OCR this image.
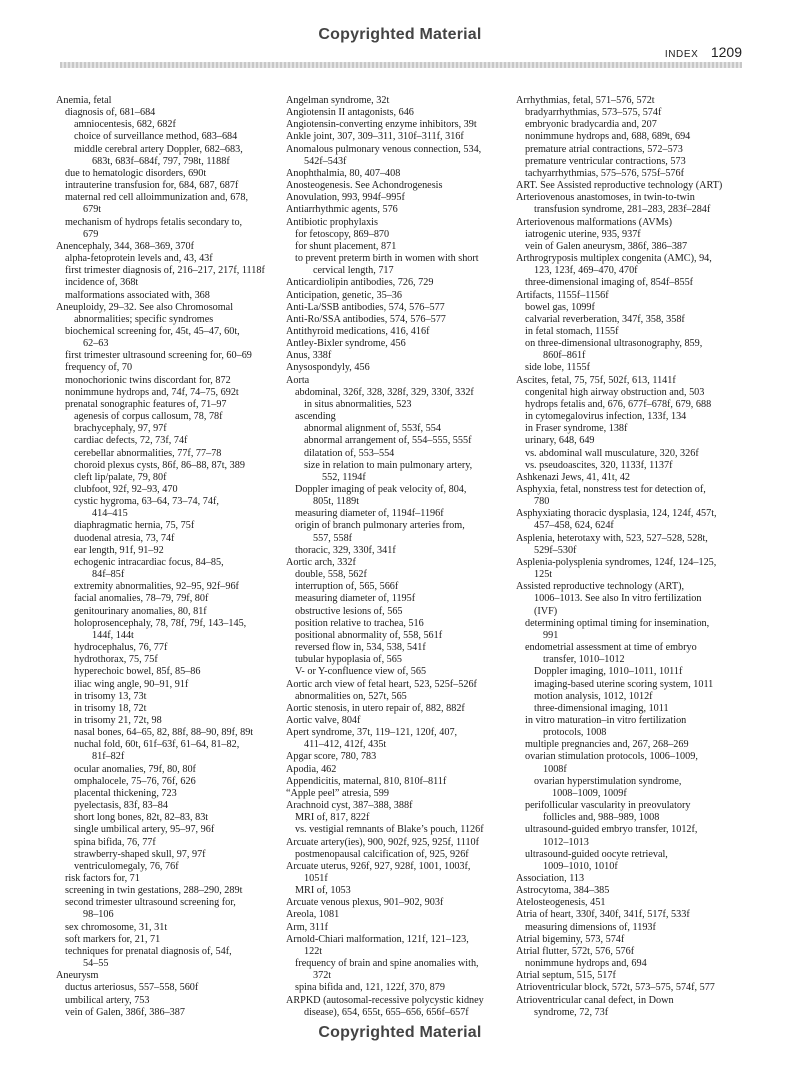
Copyrighted Material
INDEX 1209
Anemia, fetal
diagnosis of, 681–684
amniocentesis, 682, 682f
choice of surveillance method, 683–684
middle cerebral artery Doppler, 682–683,
683t, 683f–684f, 797, 798t, 1188f
due to hematologic disorders, 690t
intrauterine transfusion for, 684, 687, 687f
maternal red cell alloimmunization and, 678,
679t
mechanism of hydrops fetalis secondary to,
679
Anencephaly, 344, 368–369, 370f
alpha-fetoprotein levels and, 43, 43f
first trimester diagnosis of, 216–217, 217f, 1118f
incidence of, 368t
malformations associated with, 368
Aneuploidy, 29–32. See also Chromosomal
abnormalities; specific syndromes
biochemical screening for, 45t, 45–47, 60t,
62–63
first trimester ultrasound screening for, 60–69
frequency of, 70
monochorionic twins discordant for, 872
nonimmune hydrops and, 74f, 74–75, 692t
prenatal sonographic features of, 71–97
agenesis of corpus callosum, 78, 78f
brachycephaly, 97, 97f
cardiac defects, 72, 73f, 74f
cerebellar abnormalities, 77f, 77–78
choroid plexus cysts, 86f, 86–88, 87t, 389
cleft lip/palate, 79, 80f
clubfoot, 92f, 92–93, 470
cystic hygroma, 63–64, 73–74, 74f,
414–415
diaphragmatic hernia, 75, 75f
duodenal atresia, 73, 74f
ear length, 91f, 91–92
echogenic intracardiac focus, 84–85,
84f–85f
extremity abnormalities, 92–95, 92f–96f
facial anomalies, 78–79, 79f, 80f
genitourinary anomalies, 80, 81f
holoprosencephaly, 78, 78f, 79f, 143–145,
144f, 144t
hydrocephalus, 76, 77f
hydrothorax, 75, 75f
hyperechoic bowel, 85f, 85–86
iliac wing angle, 90–91, 91f
in trisomy 13, 73t
in trisomy 18, 72t
in trisomy 21, 72t, 98
nasal bones, 64–65, 82, 88f, 88–90, 89f, 89t
nuchal fold, 60t, 61f–63f, 61–64, 81–82,
81f–82f
ocular anomalies, 79f, 80, 80f
omphalocele, 75–76, 76f, 626
placental thickening, 723
pyelectasis, 83f, 83–84
short long bones, 82t, 82–83, 83t
single umbilical artery, 95–97, 96f
spina bifida, 76, 77f
strawberry-shaped skull, 97, 97f
ventriculomegaly, 76, 76f
risk factors for, 71
screening in twin gestations, 288–290, 289t
second trimester ultrasound screening for,
98–106
sex chromosome, 31, 31t
soft markers for, 21, 71
techniques for prenatal diagnosis of, 54f,
54–55
Aneurysm
ductus arteriosus, 557–558, 560f
umbilical artery, 753
vein of Galen, 386f, 386–387
Angelman syndrome, 32t
Angiotensin II antagonists, 646
Angiotensin-converting enzyme inhibitors, 39t
Ankle joint, 307, 309–311, 310f–311f, 316f
Anomalous pulmonary venous connection, 534,
542f–543f
Anophthalmia, 80, 407–408
Anosteogenesis. See Achondrogenesis
Anovulation, 993, 994f–995f
Antiarrhythmic agents, 576
Antibiotic prophylaxis
for fetoscopy, 869–870
for shunt placement, 871
to prevent preterm birth in women with short
cervical length, 717
Anticardiolipin antibodies, 726, 729
Anticipation, genetic, 35–36
Anti-La/SSB antibodies, 574, 576–577
Anti-Ro/SSA antibodies, 574, 576–577
Antithyroid medications, 416, 416f
Antley-Bixler syndrome, 456
Anus, 338f
Anysospondyly, 456
Aorta
abdominal, 326f, 328, 328f, 329, 330f, 332f
in situs abnormalities, 523
ascending
abnormal alignment of, 553f, 554
abnormal arrangement of, 554–555, 555f
dilatation of, 553–554
size in relation to main pulmonary artery,
552, 1194f
Doppler imaging of peak velocity of, 804,
805t, 1189t
measuring diameter of, 1194f–1196f
origin of branch pulmonary arteries from,
557, 558f
thoracic, 329, 330f, 341f
Aortic arch, 332f
double, 558, 562f
interruption of, 565, 566f
measuring diameter of, 1195f
obstructive lesions of, 565
position relative to trachea, 516
positional abnormality of, 558, 561f
reversed flow in, 534, 538, 541f
tubular hypoplasia of, 565
V- or Y-confluence view of, 565
Aortic arch view of fetal heart, 523, 525f–526f
abnormalities on, 527t, 565
Aortic stenosis, in utero repair of, 882, 882f
Aortic valve, 804f
Apert syndrome, 37t, 119–121, 120f, 407,
411–412, 412f, 435t
Apgar score, 780, 783
Apodia, 462
Appendicitis, maternal, 810, 810f–811f
“Apple peel” atresia, 599
Arachnoid cyst, 387–388, 388f
MRI of, 817, 822f
vs. vestigial remnants of Blake’s pouch, 1126f
Arcuate artery(ies), 900, 902f, 925, 925f, 1110f
postmenopausal calcification of, 925, 926f
Arcuate uterus, 926f, 927, 928f, 1001, 1003f,
1051f
MRI of, 1053
Arcuate venous plexus, 901–902, 903f
Areola, 1081
Arm, 311f
Arnold-Chiari malformation, 121f, 121–123,
122t
frequency of brain and spine anomalies with,
372t
spina bifida and, 121, 122f, 370, 879
ARPKD (autosomal-recessive polycystic kidney
disease), 654, 655t, 655–656, 656f–657f
Arrhythmias, fetal, 571–576, 572t
bradyarrhythmias, 573–575, 574f
embryonic bradycardia and, 207
nonimmune hydrops and, 688, 689t, 694
premature atrial contractions, 572–573
premature ventricular contractions, 573
tachyarrhythmias, 575–576, 575f–576f
ART. See Assisted reproductive technology (ART)
Arteriovenous anastomoses, in twin-to-twin
transfusion syndrome, 281–283, 283f–284f
Arteriovenous malformations (AVMs)
iatrogenic uterine, 935, 937f
vein of Galen aneurysm, 386f, 386–387
Arthrogryposis multiplex congenita (AMC), 94,
123, 123f, 469–470, 470f
three-dimensional imaging of, 854f–855f
Artifacts, 1155f–1156f
bowel gas, 1099f
calvarial reverberation, 347f, 358, 358f
in fetal stomach, 1155f
on three-dimensional ultrasonography, 859,
860f–861f
side lobe, 1155f
Ascites, fetal, 75, 75f, 502f, 613, 1141f
congenital high airway obstruction and, 503
hydrops fetalis and, 676, 677f–678f, 679, 688
in cytomegalovirus infection, 133f, 134
in Fraser syndrome, 138f
urinary, 648, 649
vs. abdominal wall musculature, 320, 326f
vs. pseudoascites, 320, 1133f, 1137f
Ashkenazi Jews, 41, 41t, 42
Asphyxia, fetal, nonstress test for detection of,
780
Asphyxiating thoracic dysplasia, 124, 124f, 457t,
457–458, 624, 624f
Asplenia, heterotaxy with, 523, 527–528, 528t,
529f–530f
Asplenia-polysplenia syndromes, 124f, 124–125,
125t
Assisted reproductive technology (ART),
1006–1013. See also In vitro fertilization
(IVF)
determining optimal timing for insemination,
991
endometrial assessment at time of embryo
transfer, 1010–1012
Doppler imaging, 1010–1011, 1011f
imaging-based uterine scoring system, 1011
motion analysis, 1012, 1012f
three-dimensional imaging, 1011
in vitro maturation–in vitro fertilization
protocols, 1008
multiple pregnancies and, 267, 268–269
ovarian stimulation protocols, 1006–1009,
1008f
ovarian hyperstimulation syndrome,
1008–1009, 1009f
perifollicular vascularity in preovulatory
follicles and, 988–989, 1008
ultrasound-guided embryo transfer, 1012f,
1012–1013
ultrasound-guided oocyte retrieval,
1009–1010, 1010f
Association, 113
Astrocytoma, 384–385
Atelosteogenesis, 451
Atria of heart, 330f, 340f, 341f, 517f, 533f
measuring dimensions of, 1193f
Atrial bigeminy, 573, 574f
Atrial flutter, 572t, 576, 576f
nonimmune hydrops and, 694
Atrial septum, 515, 517f
Atrioventricular block, 572t, 573–575, 574f, 577
Atrioventricular canal defect, in Down
syndrome, 72, 73f
Copyrighted Material
